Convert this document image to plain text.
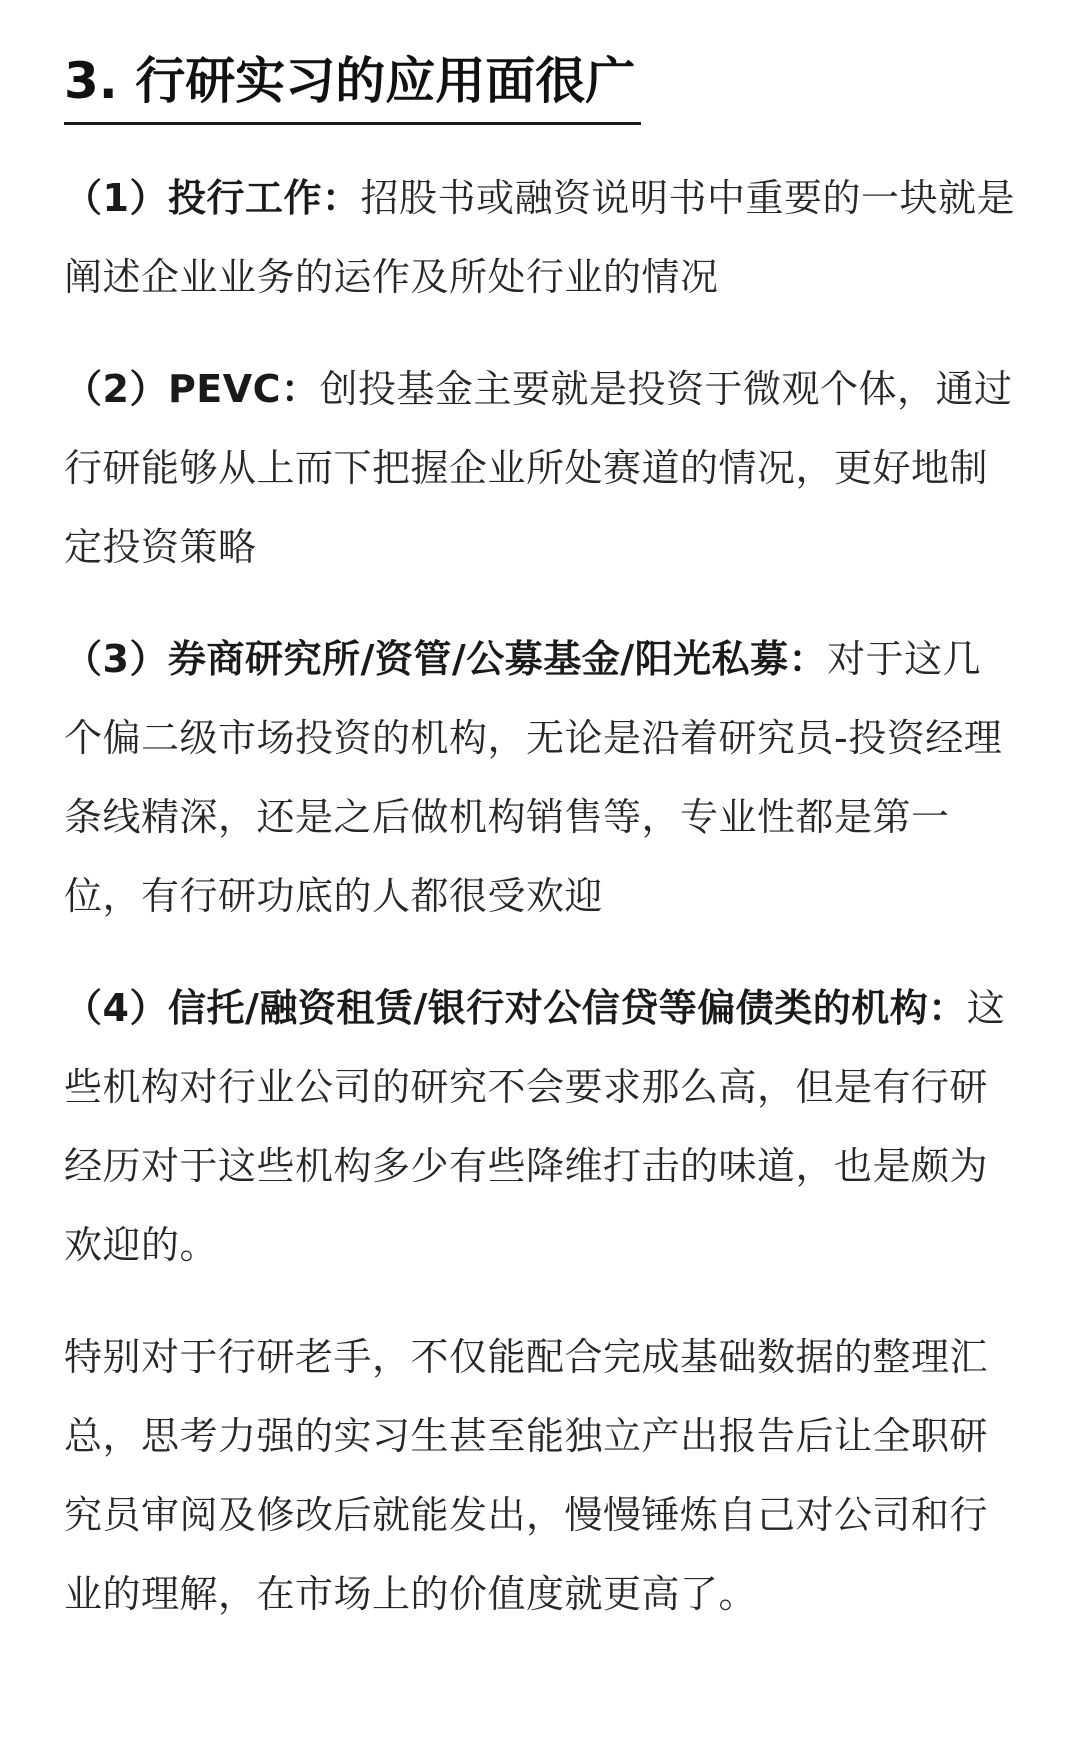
3. 行研实习的应用面很广

（1）投行工作：招股书或融资说明书中重要的一块就是阐述企业业务的运作及所处行业的情况

（2）PEVC：创投基金主要就是投资于微观个体，通过行研能够从上而下把握企业所处赛道的情况，更好地制定投资策略

（3）券商研究所/资管/公募基金/阳光私募：对于这几个偏二级市场投资的机构，无论是沿着研究员-投资经理条线精深，还是之后做机构销售等，专业性都是第一位，有行研功底的人都很受欢迎

（4）信托/融资租赁/银行对公信贷等偏债类的机构：这些机构对行业公司的研究不会要求那么高，但是有行研经历对于这些机构多少有些降维打击的味道，也是颇为欢迎的。

特别对于行研老手，不仅能配合完成基础数据的整理汇总，思考力强的实习生甚至能独立产出报告后让全职研究员审阅及修改后就能发出，慢慢锤炼自己对公司和行业的理解，在市场上的价值度就更高了。
